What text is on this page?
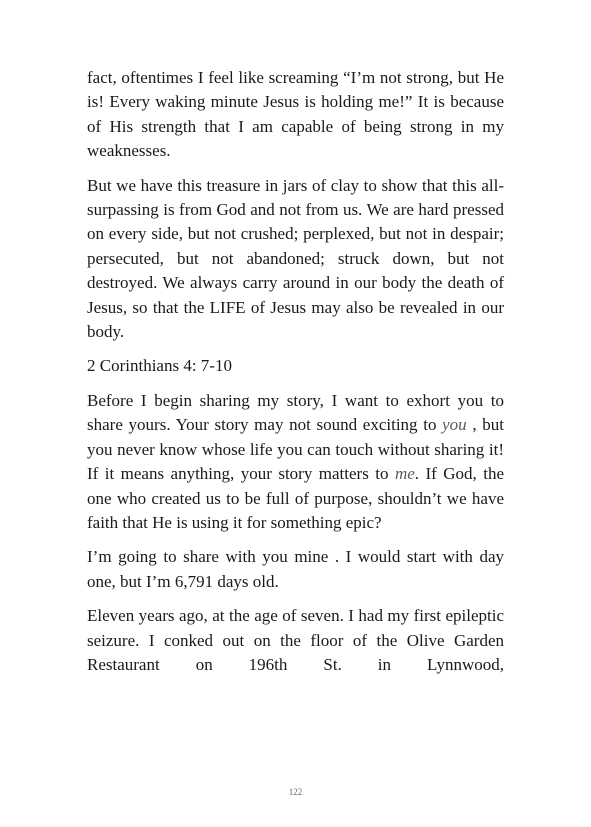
fact, oftentimes I feel like screaming “I’m not strong, but He is! Every waking minute Jesus is holding me!” It is because of His strength that I am capable of being strong in my weaknesses.

But we have this treasure in jars of clay to show that this all-surpassing is from God and not from us. We are hard pressed on every side, but not crushed; perplexed, but not in despair; persecuted, but not abandoned; struck down, but not destroyed. We always carry around in our body the death of Jesus, so that the LIFE of Jesus may also be revealed in our body.

2 Corinthians 4: 7-10

Before I begin sharing my story, I want to exhort you to share yours. Your story may not sound exciting to you , but you never know whose life you can touch without sharing it! If it means anything, your story matters to me. If God, the one who created us to be full of purpose, shouldn’t we have faith that He is using it for something epic?

I’m going to share with you mine . I would start with day one, but I’m 6,791 days old.

Eleven years ago, at the age of seven. I had my first epileptic seizure. I conked out on the floor of the Olive Garden Restaurant on 196th St. in Lynnwood,

122
